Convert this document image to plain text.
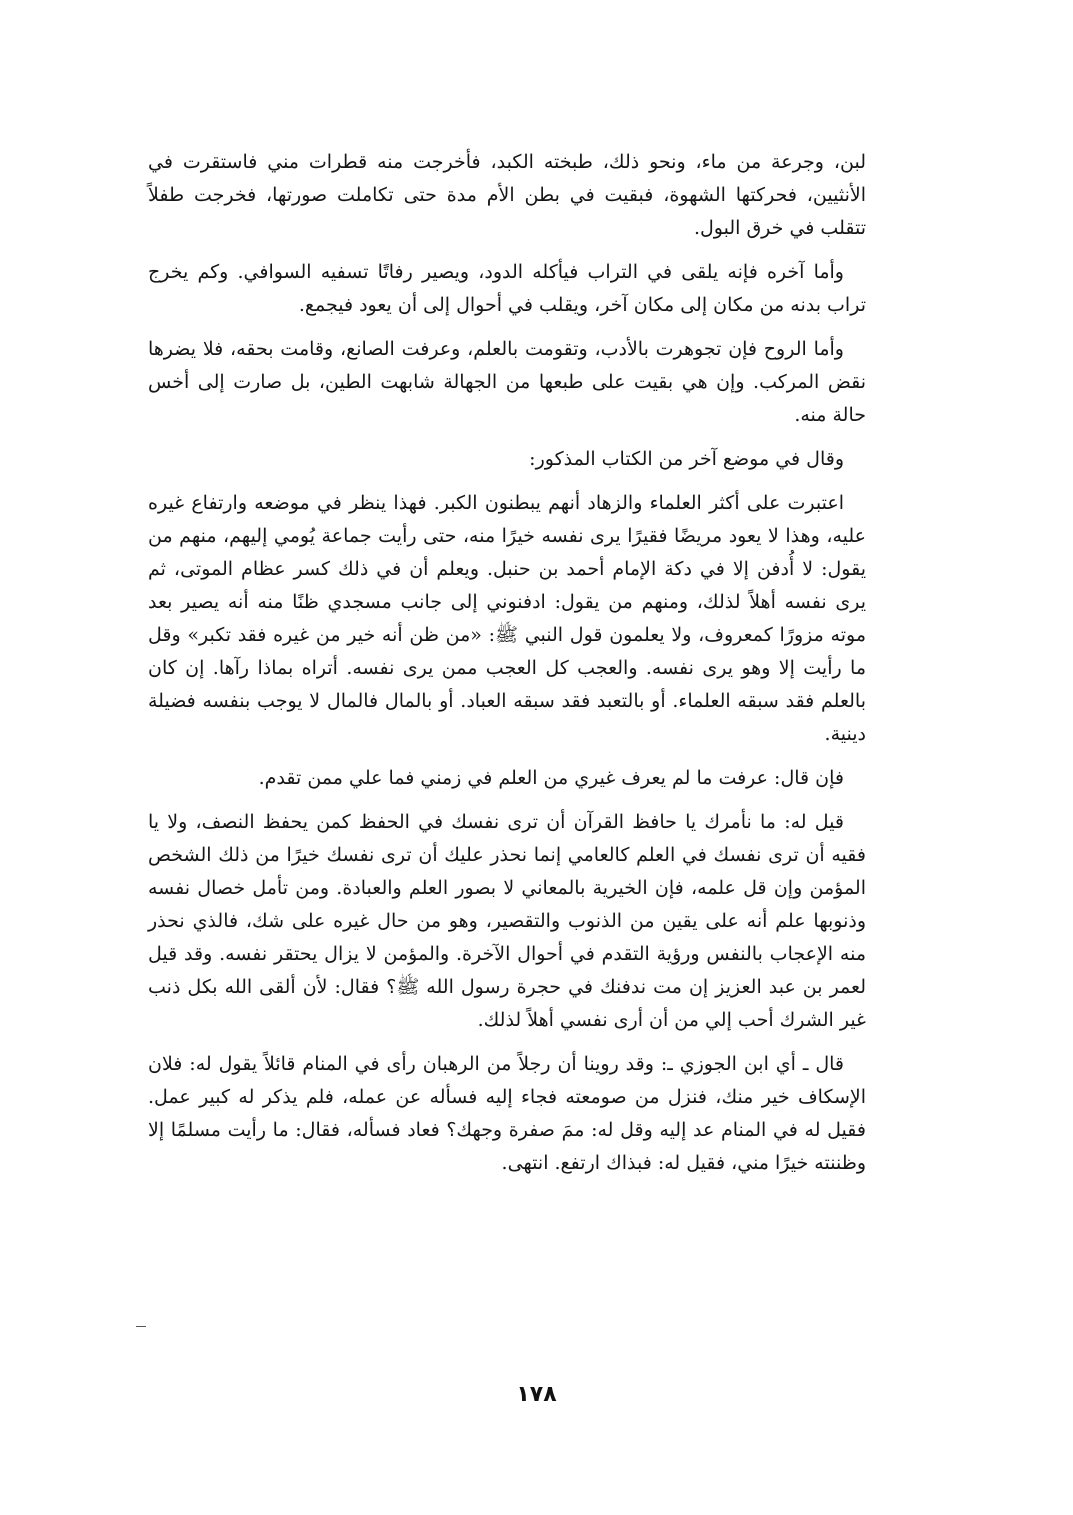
لبن، وجرعة من ماء، ونحو ذلك، طبخته الكبد، فأخرجت منه قطرات مني فاستقرت في الأنثيين، فحركتها الشهوة، فبقيت في بطن الأم مدة حتى تكاملت صورتها، فخرجت طفلاً تتقلب في خرق البول.

وأما آخره فإنه يلقى في التراب فيأكله الدود، ويصير رفاتًا تسفيه السوافي. وكم يخرج تراب بدنه من مكان إلى مكان آخر، ويقلب في أحوال إلى أن يعود فيجمع.

وأما الروح فإن تجوهرت بالأدب، وتقومت بالعلم، وعرفت الصانع، وقامت بحقه، فلا يضرها نقض المركب. وإن هي بقيت على طبعها من الجهالة شابهت الطين، بل صارت إلى أخس حالة منه.

وقال في موضع آخر من الكتاب المذكور:

اعتبرت على أكثر العلماء والزهاد أنهم يبطنون الكبر. فهذا ينظر في موضعه وارتفاع غيره عليه، وهذا لا يعود مريضًا فقيرًا يرى نفسه خيرًا منه، حتى رأيت جماعة يُومي إليهم، منهم من يقول: لا أُدفن إلا في دكة الإمام أحمد بن حنبل. ويعلم أن في ذلك كسر عظام الموتى، ثم يرى نفسه أهلاً لذلك، ومنهم من يقول: ادفنوني إلى جانب مسجدي ظنًا منه أنه يصير بعد موته مزورًا كمعروف، ولا يعلمون قول النبي ﷺ: «من ظن أنه خير من غيره فقد تكبر» وقل ما رأيت إلا وهو يرى نفسه. والعجب كل العجب ممن يرى نفسه. أتراه بماذا رآها. إن كان بالعلم فقد سبقه العلماء. أو بالتعبد فقد سبقه العباد. أو بالمال فالمال لا يوجب بنفسه فضيلة دينية.

فإن قال: عرفت ما لم يعرف غيري من العلم في زمني فما علي ممن تقدم.

قيل له: ما نأمرك يا حافظ القرآن أن ترى نفسك في الحفظ كمن يحفظ النصف، ولا يا فقيه أن ترى نفسك في العلم كالعامي إنما نحذر عليك أن ترى نفسك خيرًا من ذلك الشخص المؤمن وإن قل علمه، فإن الخيرية بالمعاني لا بصور العلم والعبادة. ومن تأمل خصال نفسه وذنوبها علم أنه على يقين من الذنوب والتقصير، وهو من حال غيره على شك، فالذي نحذر منه الإعجاب بالنفس ورؤية التقدم في أحوال الآخرة. والمؤمن لا يزال يحتقر نفسه. وقد قيل لعمر بن عبد العزيز إن مت ندفنك في حجرة رسول الله ﷺ؟ فقال: لأن ألقى الله بكل ذنب غير الشرك أحب إلي من أن أرى نفسي أهلاً لذلك.

قال ـ أي ابن الجوزي ـ: وقد روينا أن رجلاً من الرهبان رأى في المنام قائلاً يقول له: فلان الإسكاف خير منك، فنزل من صومعته فجاء إليه فسأله عن عمله، فلم يذكر له كبير عمل. فقيل له في المنام عد إليه وقل له: ممَ صفرة وجهك؟ فعاد فسأله، فقال: ما رأيت مسلمًا إلا وظننته خيرًا مني، فقيل له: فبذاك ارتفع. انتهى.

١٧٨
